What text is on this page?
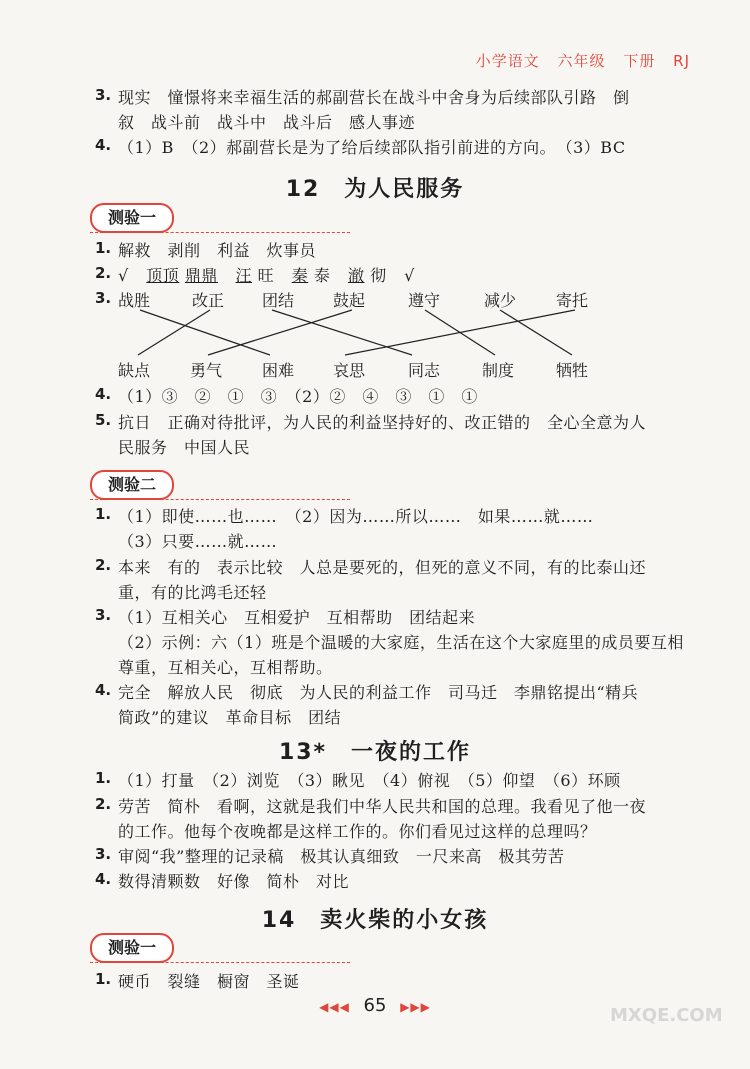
小学语文 六年级 下册 RJ
3. 现实　憧憬将来幸福生活的郝副营长在战斗中舍身为后续部队引路　倒
叙　战斗前　战斗中　战斗后　感人事迹
4. （1）B　（2）郝副营长是为了给后续部队指引前进的方向。　（3）BC
12　为人民服务
测验一
1. 解救　剥削　利益　炊事员
2. √ 顶顶 鼎鼎 汪 旺 秦 泰 澈 彻 √
3. 战胜	改正 团结 鼓起	遵守	减少 寄托
缺点 勇气 困难 哀思	同志	制度	牺牲
4. （1）③　②　①　③　（2）②　④　③　①　①
5. 抗日　正确对待批评，为人民的利益坚持好的、改正错的　全心全意为人
民服务　中国人民
测验二
1. （1）即使……也……　（2）因为……所以……　如果……就……
（3）只要……就……
2. 本来　有的　表示比较　人总是要死的，但死的意义不同，有的比泰山还
重，有的比鸿毛还轻
3. （1）互相关心　互相爱护　互相帮助　团结起来
（2）示例：六（1）班是个温暖的大家庭，生活在这个大家庭里的成员要互相
尊重，互相关心，互相帮助。
4. 完全　解放人民　彻底　为人民的利益工作　司马迁　李鼎铭提出“精兵
简政”的建议　革命目标　团结
13*　一夜的工作
1. （1）打量　（2）浏览　（3）瞅见　（4）俯视　（5）仰望　（6）环顾
2. 劳苦　简朴　看啊，这就是我们中华人民共和国的总理。我看见了他一夜
的工作。他每个夜晚都是这样工作的。你们看见过这样的总理吗？
3. 审阅“我”整理的记录稿　极其认真细致　一尺来高　极其劳苦
4. 数得清颗数　好像　简朴　对比
14　卖火柴的小女孩
测验一
1. 硬币　裂缝　橱窗　圣诞
◀◀◀ 65 ▶▶▶	MXQE.COM
